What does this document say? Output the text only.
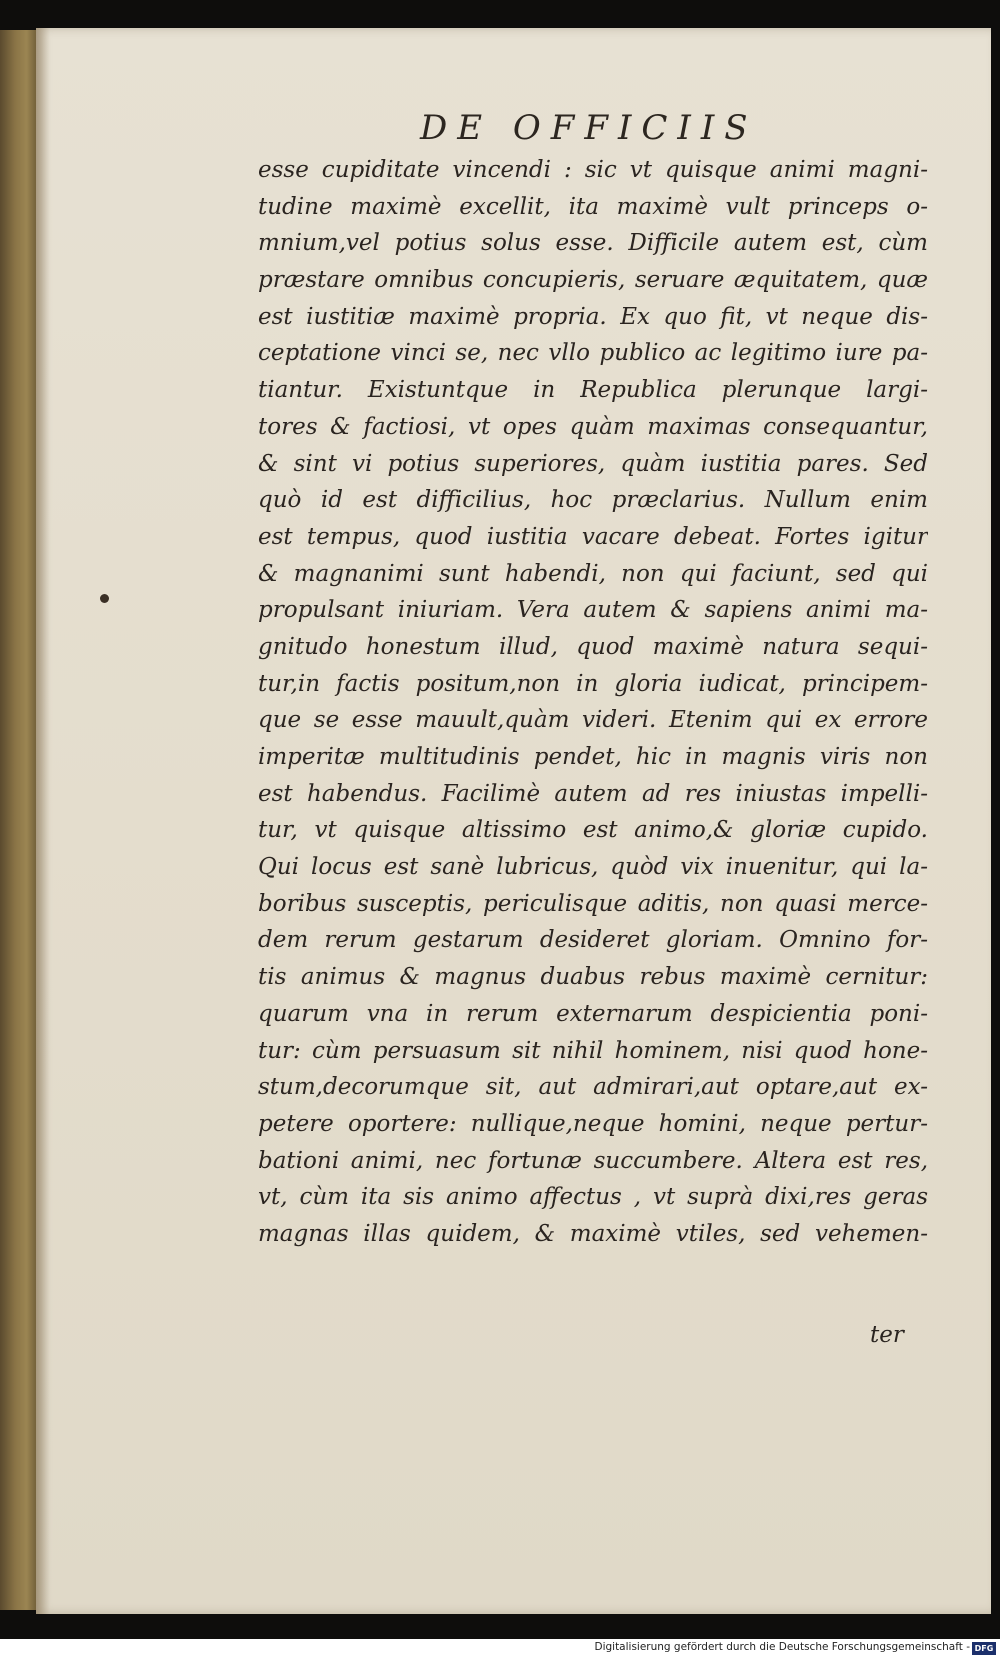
DE OFFICIIS
esse cupiditate vincendi : sic vt quisque animi magni-
tudine maximè excellit, ita maximè vult princeps o-
mnium,vel potius solus esse. Difficile autem est, cùm
præstare omnibus concupieris, seruare æquitatem, quæ
est iustitiæ maximè propria. Ex quo fit, vt neque dis-
ceptatione vinci se, nec vllo publico ac legitimo iure pa-
tiantur. Existuntque in Republica plerunque largi-
tores & factiosi, vt opes quàm maximas consequantur,
& sint vi potius superiores, quàm iustitia pares. Sed
quò id est difficilius, hoc præclarius. Nullum enim
est tempus, quod iustitia vacare debeat. Fortes igitur
& magnanimi sunt habendi, non qui faciunt, sed qui
propulsant iniuriam. Vera autem & sapiens animi ma-
gnitudo honestum illud, quod maximè natura sequi-
tur,in factis positum,non in gloria iudicat, principem-
que se esse mauult,quàm videri. Etenim qui ex errore
imperitæ multitudinis pendet, hic in magnis viris non
est habendus. Facilimè autem ad res iniustas impelli-
tur, vt quisque altissimo est animo,& gloriæ cupido.
Qui locus est sanè lubricus, quòd vix inuenitur, qui la-
boribus susceptis, periculisque aditis, non quasi merce-
dem rerum gestarum desideret gloriam. Omnino for-
tis animus & magnus duabus rebus maximè cernitur:
quarum vna in rerum externarum despicientia poni-
tur: cùm persuasum sit nihil hominem, nisi quod hone-
stum,decorumque sit, aut admirari,aut optare,aut ex-
petere oportere: nullique,neque homini, neque pertur-
bationi animi, nec fortunæ succumbere. Altera est res,
vt, cùm ita sis animo affectus , vt suprà dixi,res geras
magnas illas quidem, & maximè vtiles, sed vehemen-
ter
Digitalisierung gefördert durch die Deutsche Forschungsgemeinschaft - DFG
